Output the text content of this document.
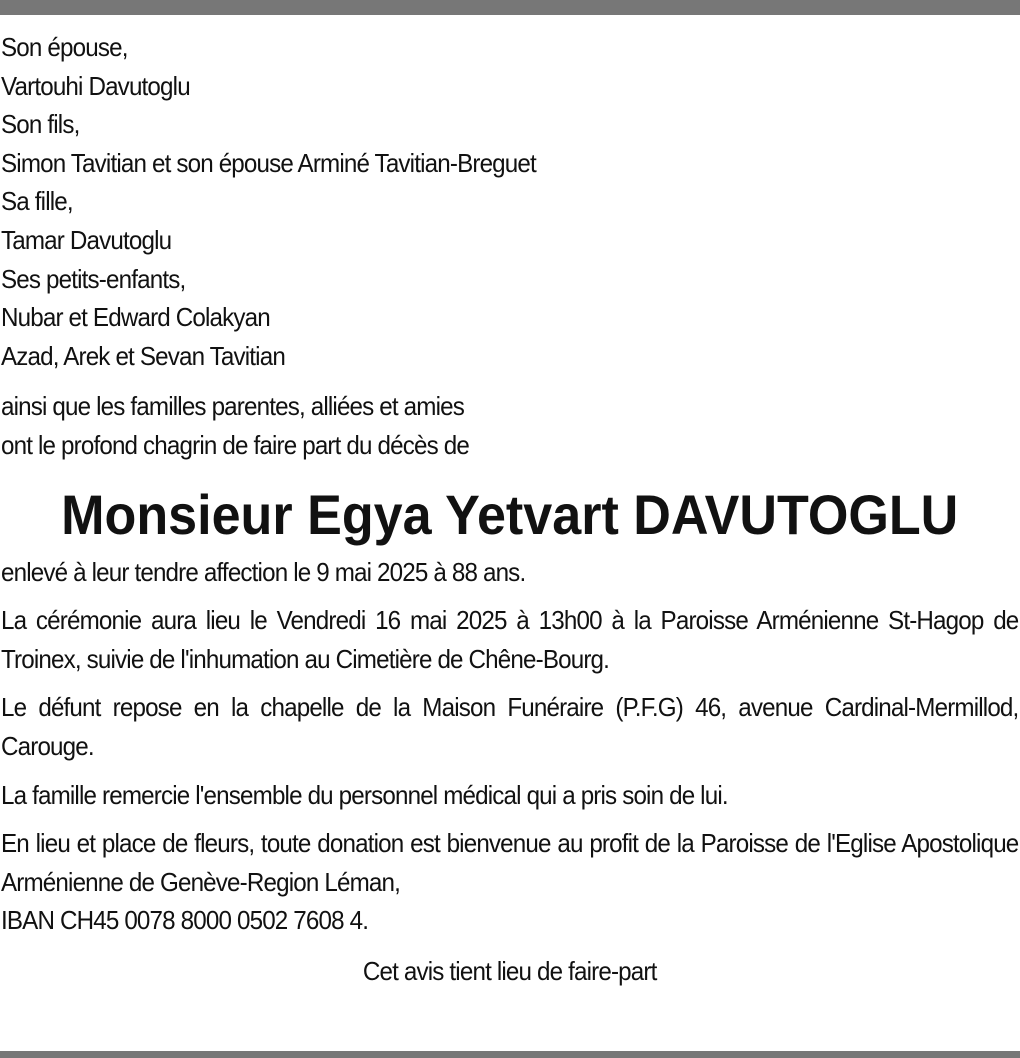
Son épouse,
Vartouhi Davutoglu
Son fils,
Simon Tavitian et son épouse Arminé Tavitian-Breguet
Sa fille,
Tamar Davutoglu
Ses petits-enfants,
Nubar et Edward Colakyan
Azad, Arek et Sevan Tavitian
ainsi que les familles parentes, alliées et amies
ont le profond chagrin de faire part du décès de
Monsieur Egya Yetvart DAVUTOGLU
enlevé à leur tendre affection le 9 mai 2025 à 88 ans.
La cérémonie aura lieu le Vendredi 16 mai 2025 à 13h00 à la Paroisse Arménienne St-Hagop de Troinex, suivie de l'inhumation au Cimetière de Chêne-Bourg.
Le défunt repose en la chapelle de la Maison Funéraire (P.F.G) 46, avenue Cardinal-Mermillod, Carouge.
La famille remercie l'ensemble du personnel médical qui a pris soin de lui.
En lieu et place de fleurs, toute donation est bienvenue au profit de la Paroisse de l'Eglise Apostolique Arménienne de Genève-Region Léman,
IBAN CH45 0078 8000 0502 7608 4.
Cet avis tient lieu de faire-part
